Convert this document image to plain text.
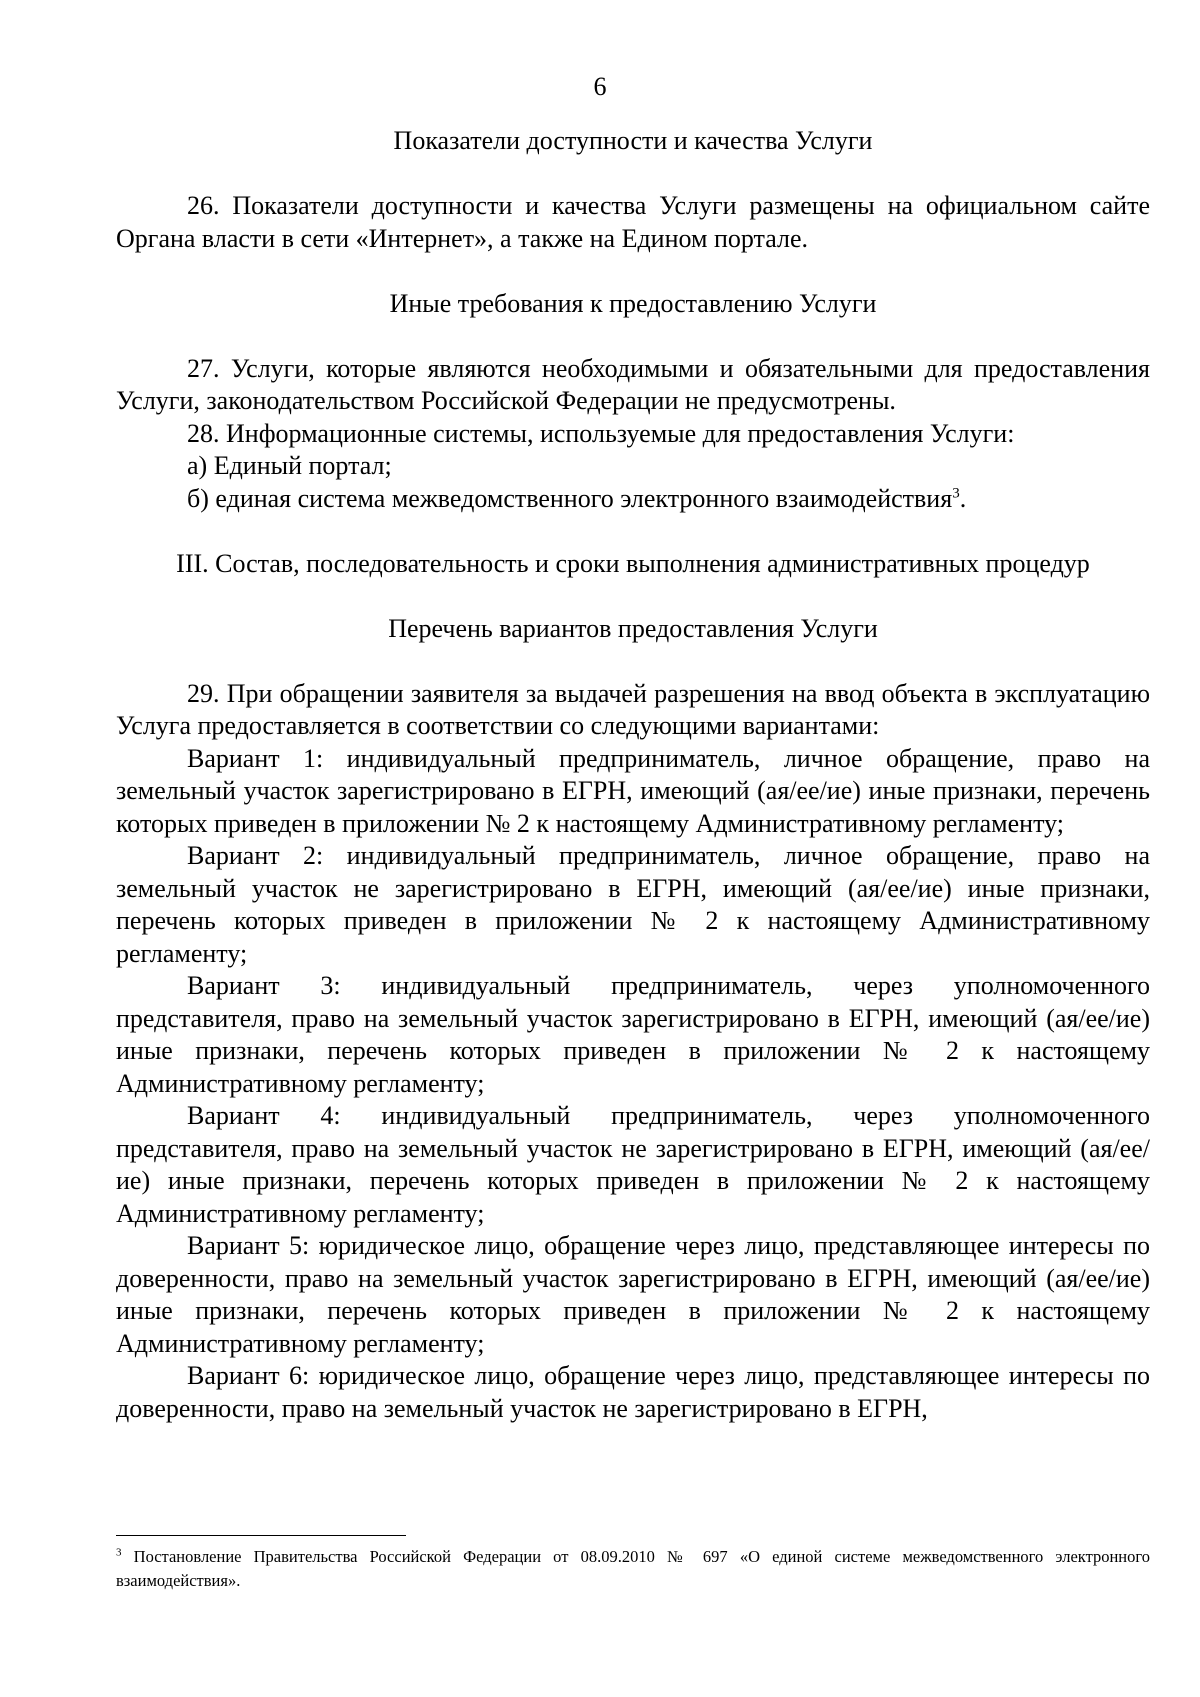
6

Показатели доступности и качества Услуги

26. Показатели доступности и качества Услуги размещены на официальном сайте Органа власти в сети «Интернет», а также на Едином портале.

Иные требования к предоставлению Услуги

27. Услуги, которые являются необходимыми и обязательными для предоставления Услуги, законодательством Российской Федерации не предусмотрены.

28. Информационные системы, используемые для предоставления Услуги:

а) Единый портал;

б) единая система межведомственного электронного взаимодействия$^3$.

III. Состав, последовательность и сроки выполнения административных процедур

Перечень вариантов предоставления Услуги

29. При обращении заявителя за выдачей разрешения на ввод объекта в эксплуатацию Услуга предоставляется в соответствии со следующими вариантами:

Вариант 1: индивидуальный предприниматель, личное обращение, право на земельный участок зарегистрировано в ЕГРН, имеющий (ая/ее/ие) иные признаки, перечень которых приведен в приложении № 2 к настоящему Административному регламенту;

Вариант 2: индивидуальный предприниматель, личное обращение, право на земельный участок не зарегистрировано в ЕГРН, имеющий (ая/ее/ие) иные признаки, перечень которых приведен в приложении № 2 к настоящему Административному регламенту;

Вариант 3: индивидуальный предприниматель, через уполномоченного представителя, право на земельный участок зарегистрировано в ЕГРН, имеющий (ая/ее/ие) иные признаки, перечень которых приведен в приложении № 2 к настоящему Административному регламенту;

Вариант 4: индивидуальный предприниматель, через уполномоченного представителя, право на земельный участок не зарегистрировано в ЕГРН, имеющий (ая/ее/ие) иные признаки, перечень которых приведен в приложении № 2 к настоящему Административному регламенту;

Вариант 5: юридическое лицо, обращение через лицо, представляющее интересы по доверенности, право на земельный участок зарегистрировано в ЕГРН, имеющий (ая/ее/ие) иные признаки, перечень которых приведен в приложении № 2 к настоящему Административному регламенту;

Вариант 6: юридическое лицо, обращение через лицо, представляющее интересы по доверенности, право на земельный участок не зарегистрировано в ЕГРН,

$^3$ Постановление Правительства Российской Федерации от 08.09.2010 № 697 «О единой системе межведомственного электронного взаимодействия».
